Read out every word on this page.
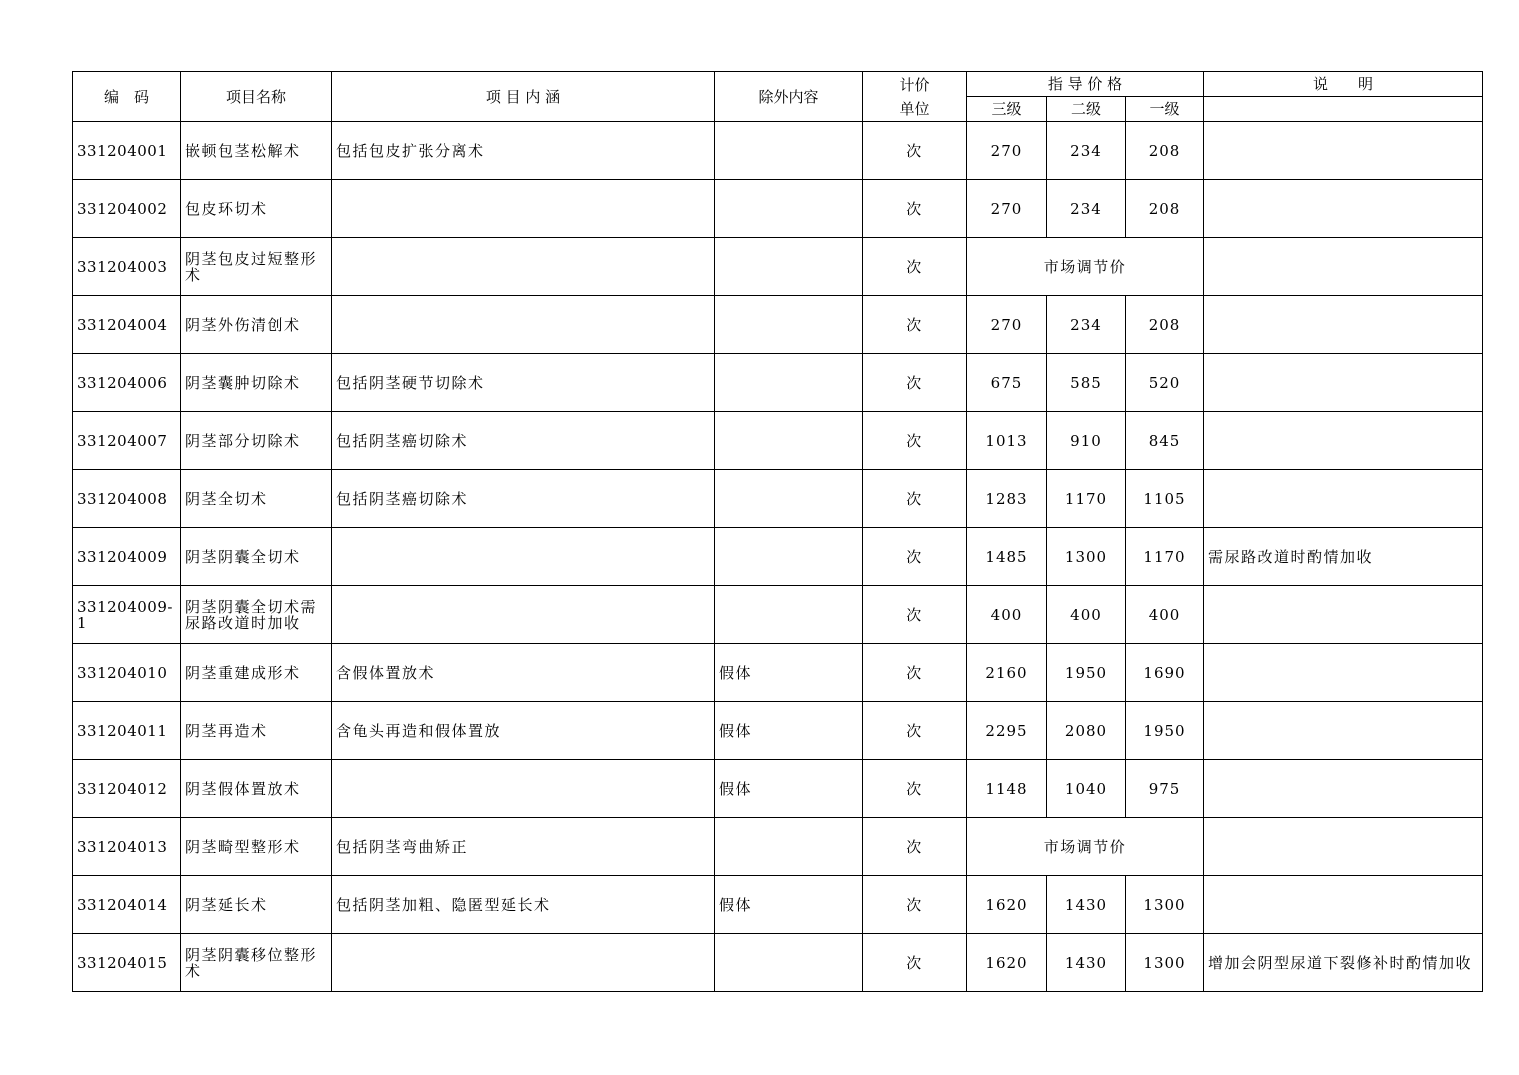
编　码	项目名称	项 目 内 涵	除外内容	计价
单位	指 导 价 格			说　　明
					三级	二级	一级	
331204001	嵌顿包茎松解术	包括包皮扩张分离术		次	270	234	208	
331204002	包皮环切术			次	270	234	208	
331204003	阴茎包皮过短整形术			次	市场调节价			
331204004	阴茎外伤清创术			次	270	234	208	
331204006	阴茎囊肿切除术	包括阴茎硬节切除术		次	675	585	520	
331204007	阴茎部分切除术	包括阴茎癌切除术		次	1013	910	845	
331204008	阴茎全切术	包括阴茎癌切除术		次	1283	1170	1105	
331204009	阴茎阴囊全切术			次	1485	1300	1170	需尿路改道时酌情加收
331204009-1	阴茎阴囊全切术需尿路改道时加收			次	400	400	400	
331204010	阴茎重建成形术	含假体置放术	假体	次	2160	1950	1690	
331204011	阴茎再造术	含龟头再造和假体置放	假体	次	2295	2080	1950	
331204012	阴茎假体置放术		假体	次	1148	1040	975	
331204013	阴茎畸型整形术	包括阴茎弯曲矫正		次	市场调节价			
331204014	阴茎延长术	包括阴茎加粗、隐匿型延长术	假体	次	1620	1430	1300	
331204015	阴茎阴囊移位整形术			次	1620	1430	1300	增加会阴型尿道下裂修补时酌情加收
